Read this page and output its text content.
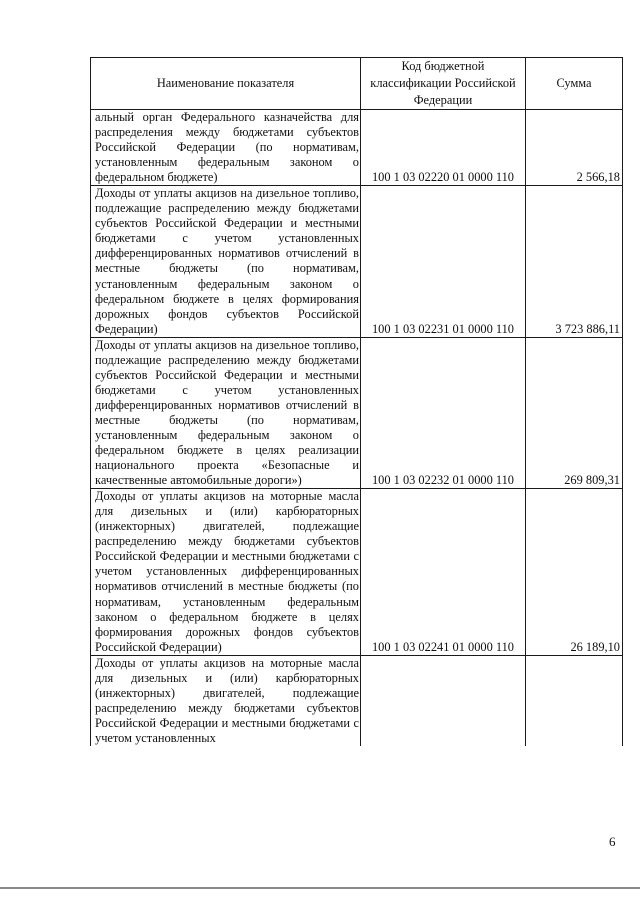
Наименование показателя	Код бюджетной классификации Российской Федерации	Сумма
альный орган Федерального казначейства для распределения между бюджетами субъектов Российской Федерации (по нормативам, установленным федеральным законом о федеральном бюджете)	100 1 03 02220 01 0000 110	2 566,18
Доходы от уплаты акцизов на дизельное топливо, подлежащие распределению между бюджетами субъектов Российской Федерации и местными бюджетами с учетом установленных дифференцированных нормативов отчислений в местные бюджеты (по нормативам, установленным федеральным законом о федеральном бюджете в целях формирования дорожных фондов субъектов Российской Федерации)	100 1 03 02231 01 0000 110	3 723 886,11
Доходы от уплаты акцизов на дизельное топливо, подлежащие распределению между бюджетами субъектов Российской Федерации и местными бюджетами с учетом установленных дифференцированных нормативов отчислений в местные бюджеты (по нормативам, установленным федеральным законом о федеральном бюджете в целях реализации национального проекта «Безопасные и качественные автомобильные дороги»)	100 1 03 02232 01 0000 110	269 809,31
Доходы от уплаты акцизов на моторные масла для дизельных и (или) карбюраторных (инжекторных) двигателей, подлежащие распределению между бюджетами субъектов Российской Федерации и местными бюджетами с учетом установленных дифференцированных нормативов отчислений в местные бюджеты (по нормативам, установленным федеральным законом о федеральном бюджете в целях формирования дорожных фондов субъектов Российской Федерации)	100 1 03 02241 01 0000 110	26 189,10
Доходы от уплаты акцизов на моторные масла для дизельных и (или) карбюраторных (инжекторных) двигателей, подлежащие распределению между бюджетами субъектов Российской Федерации и местными бюджетами с учетом установленных		
6
